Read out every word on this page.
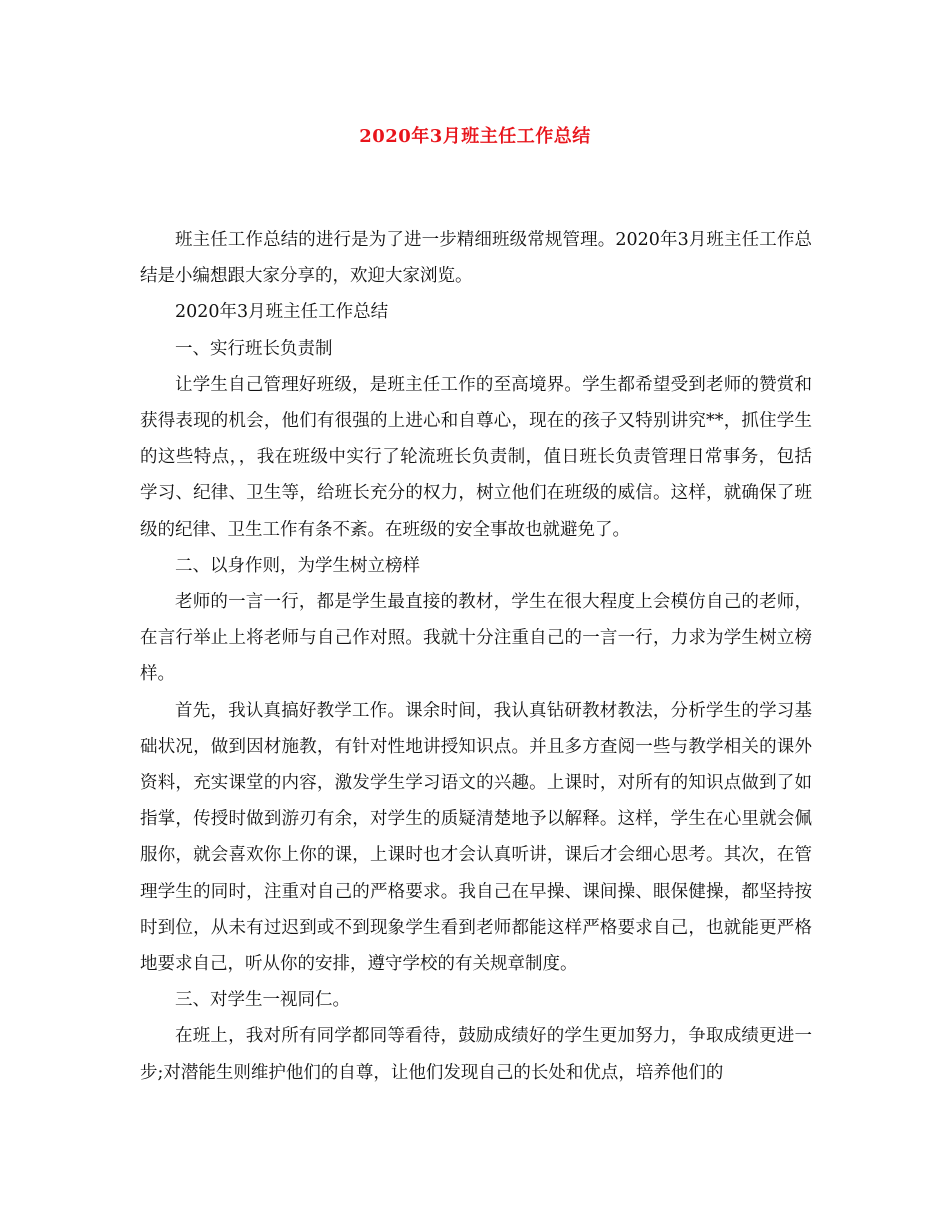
2020年3月班主任工作总结

班主任工作总结的进行是为了进一步精细班级常规管理。2020年3月班主任工作总结是小编想跟大家分享的，欢迎大家浏览。

2020年3月班主任工作总结

一、实行班长负责制

让学生自己管理好班级，是班主任工作的至高境界。学生都希望受到老师的赞赏和获得表现的机会，他们有很强的上进心和自尊心，现在的孩子又特别讲究**，抓住学生的这些特点，，我在班级中实行了轮流班长负责制，值日班长负责管理日常事务，包括学习、纪律、卫生等，给班长充分的权力，树立他们在班级的威信。这样，就确保了班级的纪律、卫生工作有条不紊。在班级的安全事故也就避免了。

二、以身作则，为学生树立榜样

老师的一言一行，都是学生最直接的教材，学生在很大程度上会模仿自己的老师，在言行举止上将老师与自己作对照。我就十分注重自己的一言一行，力求为学生树立榜样。

首先，我认真搞好教学工作。课余时间，我认真钻研教材教法，分析学生的学习基础状况，做到因材施教，有针对性地讲授知识点。并且多方查阅一些与教学相关的课外资料，充实课堂的内容，激发学生学习语文的兴趣。上课时，对所有的知识点做到了如指掌，传授时做到游刃有余，对学生的质疑清楚地予以解释。这样，学生在心里就会佩服你，就会喜欢你上你的课，上课时也才会认真听讲，课后才会细心思考。其次，在管理学生的同时，注重对自己的严格要求。我自己在早操、课间操、眼保健操，都坚持按时到位，从未有过迟到或不到现象学生看到老师都能这样严格要求自己，也就能更严格地要求自己，听从你的安排，遵守学校的有关规章制度。

三、对学生一视同仁。

在班上，我对所有同学都同等看待，鼓励成绩好的学生更加努力，争取成绩更进一步;对潜能生则维护他们的自尊，让他们发现自己的长处和优点，培养他们的
